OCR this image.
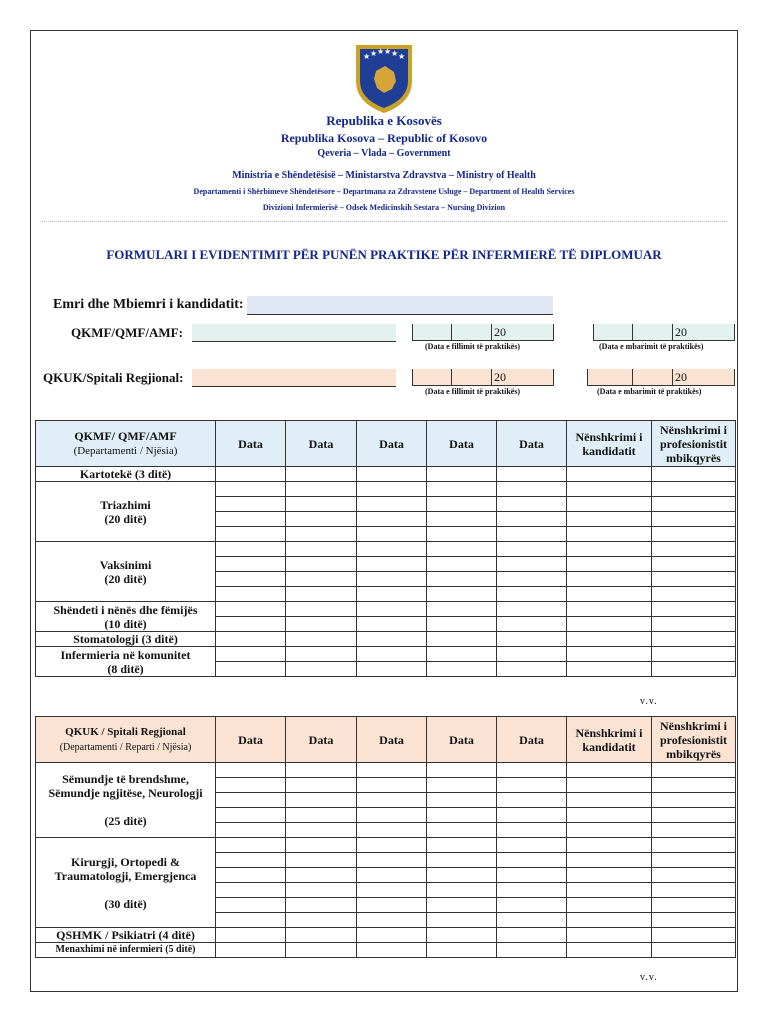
★ ★ ★ ★ ★ ★
Republika e Kosovës
Republika Kosova – Republic of Kosovo
Qeveria – Vlada – Government
Ministria e Shëndetësisë – Ministarstva Zdravstva – Ministry of Health
Departamenti i Shërbimeve Shëndetësore – Departmana za Zdravstene Usluge – Department of Health Services
Divizioni Infermierisë – Odsek Medicinskih Sestara – Nursing Divizion
FORMULARI I EVIDENTIMIT PËR PUNËN PRAKTIKE PËR INFERMIERË TË DIPLOMUAR
Emri dhe Mbiemri i kandidatit:
QKMF/QMF/AMF:	20
(Data e fillimit të praktikës)
20
(Data e mbarimit të praktikës)
QKUK/Spitali Regjional:	20
(Data e fillimit të praktikës)
20
(Data e mbarimit të praktikës)
QKMF/ QMF/AMF
(Departamenti / Njësia)	Data	Data	Data	Data	Data	Nënshkrimi i kandidatit	Nënshkrimi i profesionistit mbikqyrës
Kartotekë (3 ditë)							
Triazhimi
(20 ditë)							

Vaksinimi
(20 ditë)							

Shëndeti i nënës dhe fëmijës
(10 ditë)							

Stomatologji (3 ditë)							
Infermieria në komunitet
(8 ditë)							

v.v.
QKUK / Spitali Regjional
(Departamenti / Reparti / Njësia)	Data	Data	Data	Data	Data	Nënshkrimi i kandidatit	Nënshkrimi i profesionistit mbikqyrës
Sëmundje të brendshme,
Sëmundje ngjitëse, Neurologji

(25 ditë)							

Kirurgji, Ortopedi &
Traumatologji, Emergjenca

(30 ditë)							

QSHMK / Psikiatri (4 ditë)							
Menaxhimi në infermieri (5 ditë)							
v.v.
